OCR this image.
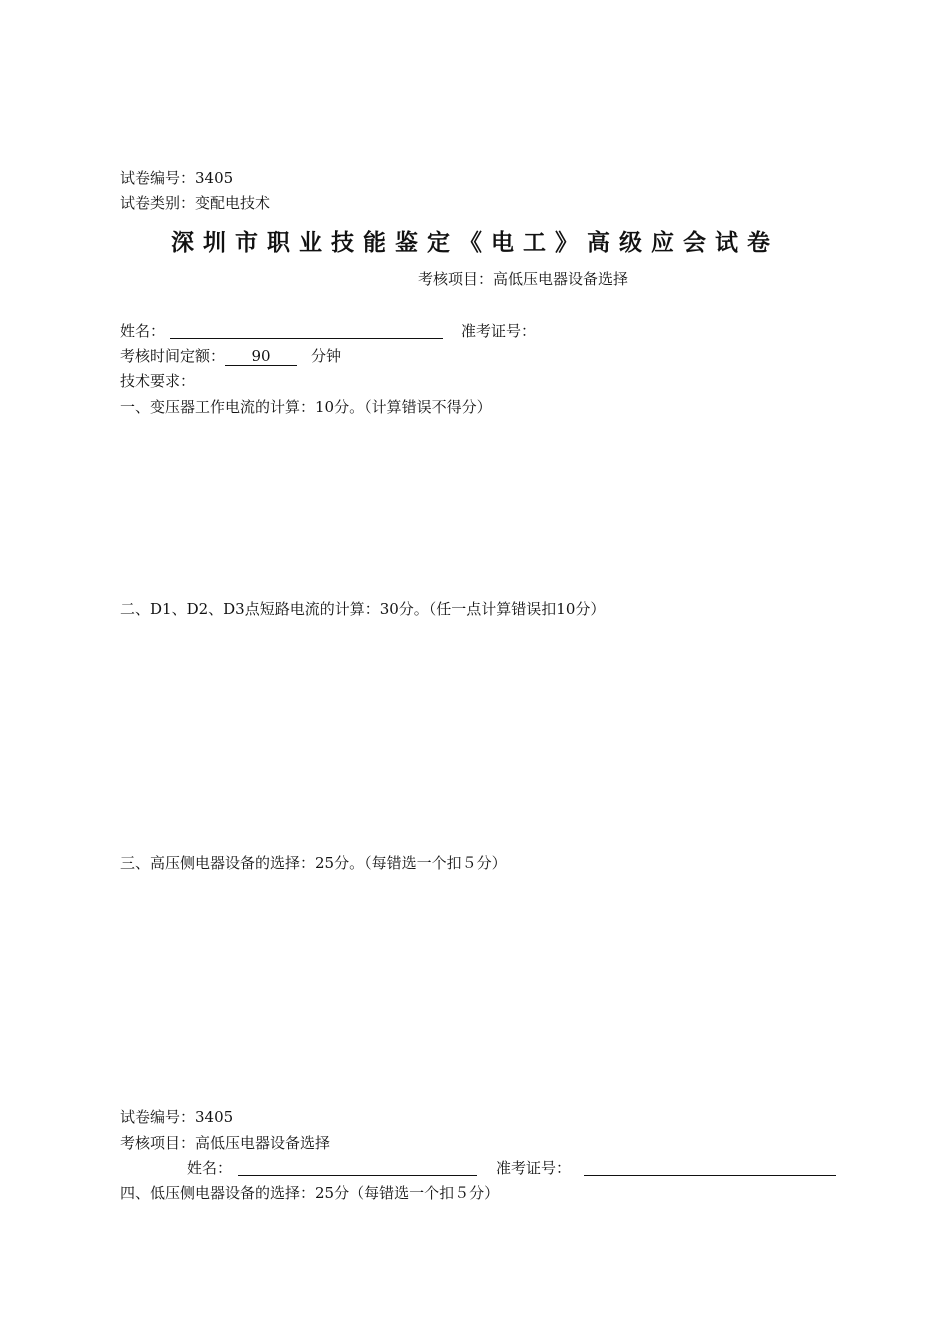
试卷编号：3405
试卷类别：变配电技术
深圳市职业技能鉴定《电工》高级应会试卷
考核项目：高低压电器设备选择
姓名：	准考证号：
考核时间定额： 90	分钟
技术要求：
一、变压器工作电流的计算：10分。（计算错误不得分）
二、D1、D2、D3点短路电流的计算：30分。（任一点计算错误扣10分）
三、高压侧电器设备的选择：25分。（每错选一个扣５分）
试卷编号：3405
考核项目：高低压电器设备选择
姓名：	准考证号：
四、低压侧电器设备的选择：25分（每错选一个扣５分）
